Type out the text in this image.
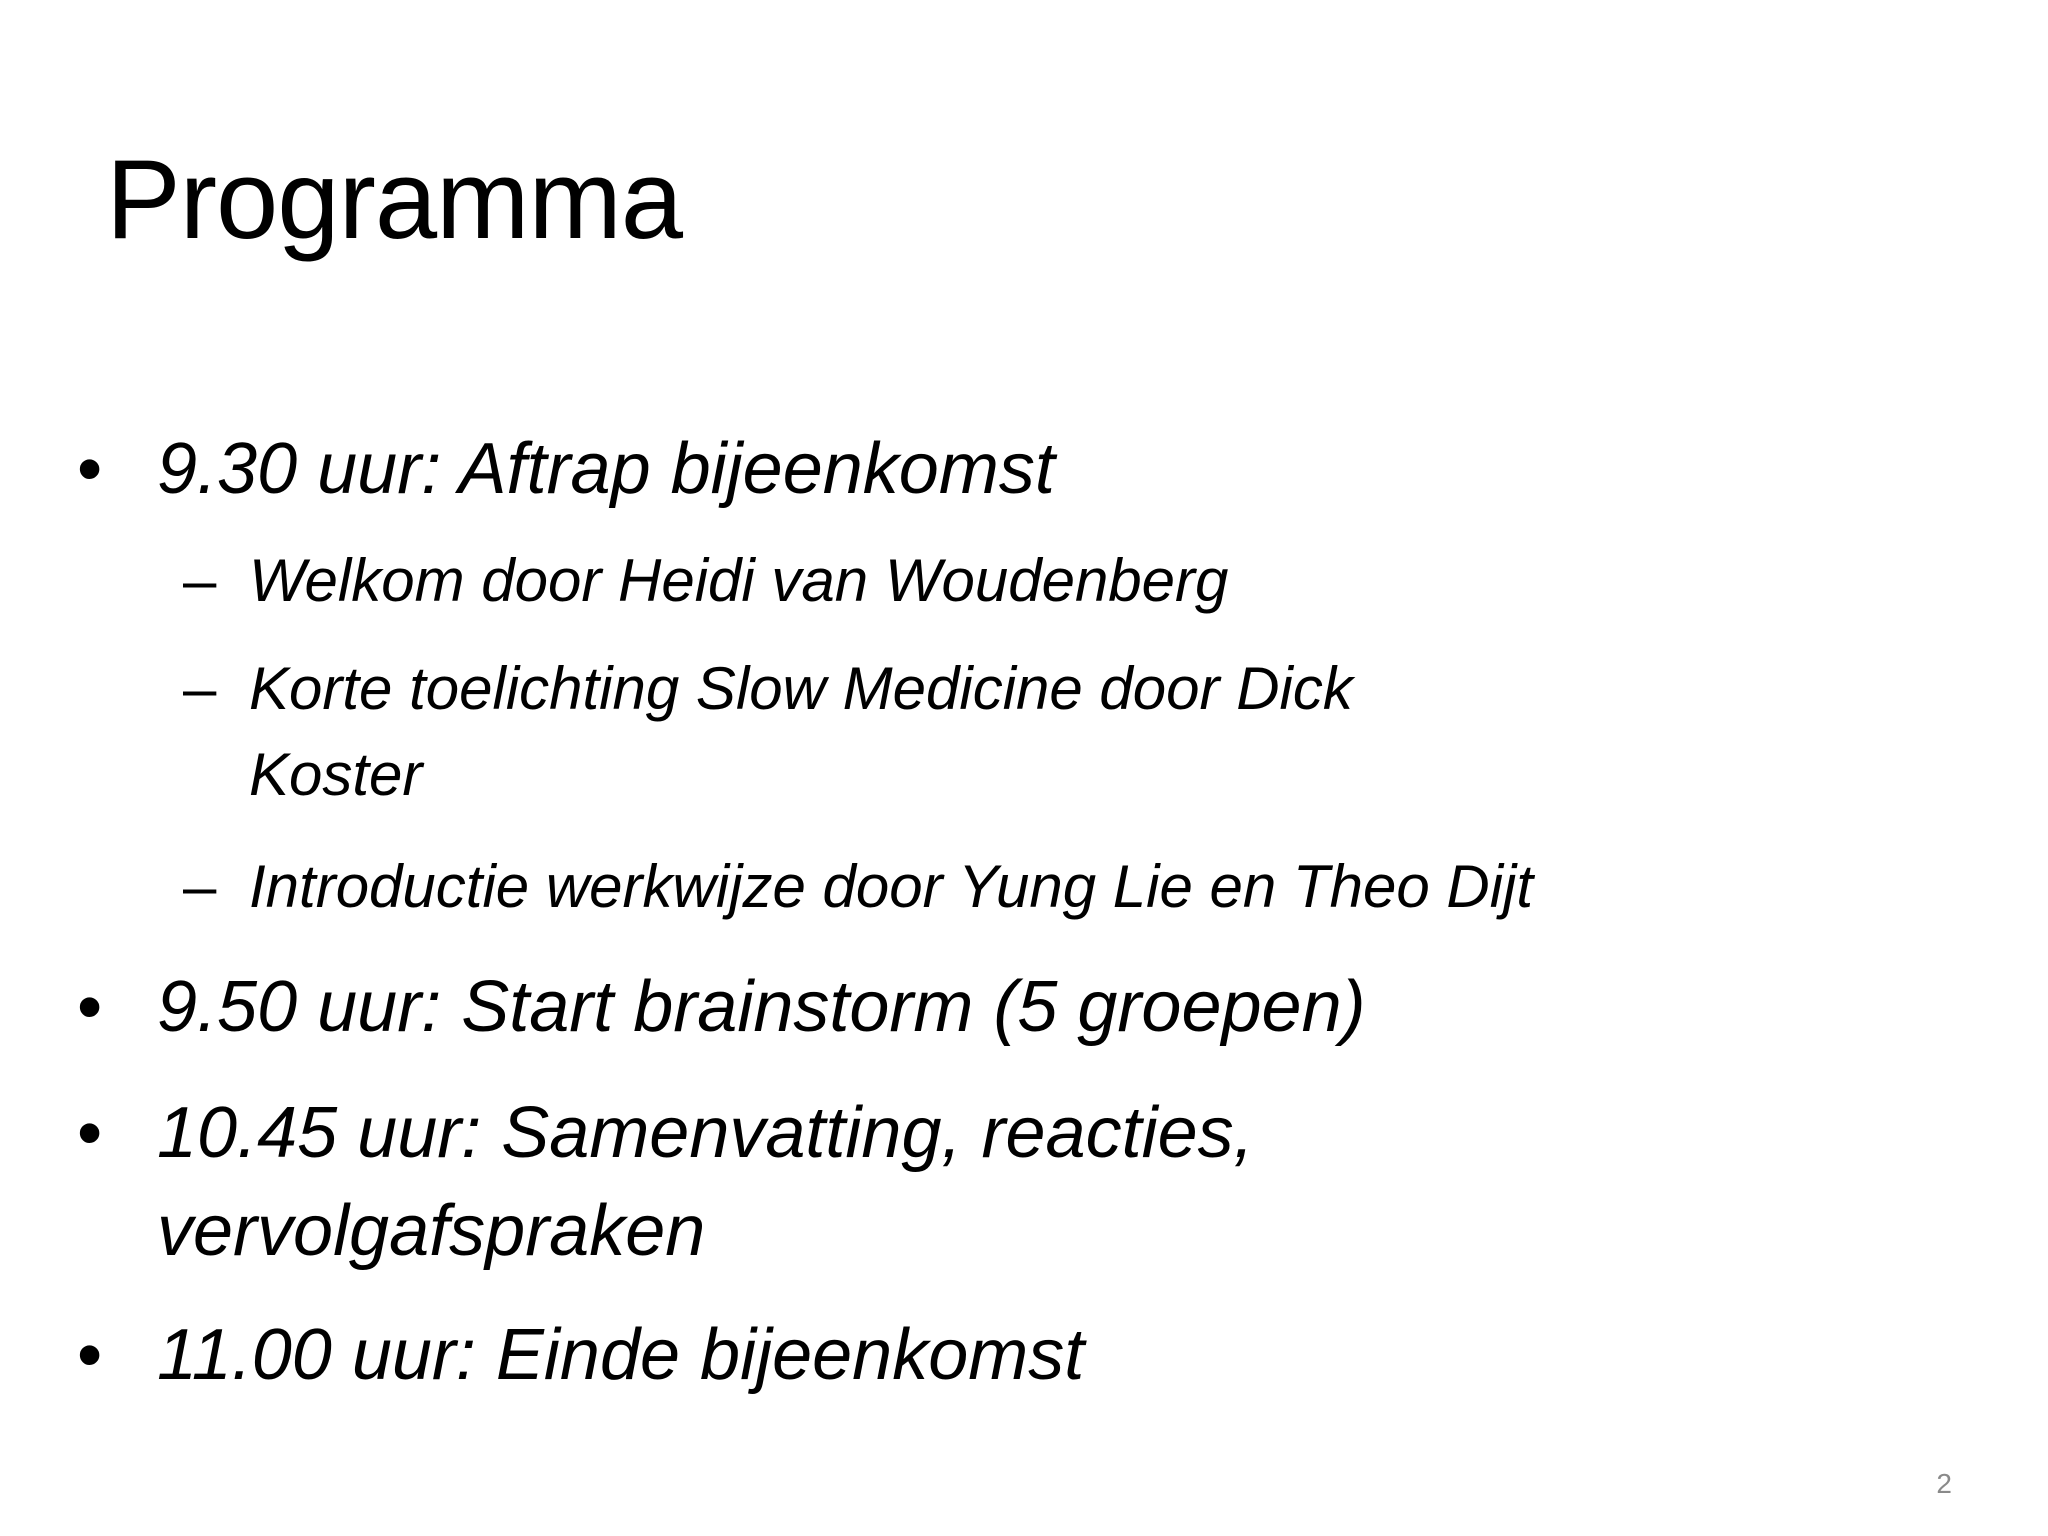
Programma
• 9.30 uur: Aftrap bijeenkomst
– Welkom door Heidi van Woudenberg
– Korte toelichting Slow Medicine door Dick
Koster
– Introductie werkwijze door Yung Lie en Theo Dijt
• 9.50 uur: Start brainstorm (5 groepen)
• 10.45 uur: Samenvatting, reacties,
vervolgafspraken
• 11.00 uur: Einde bijeenkomst
2
